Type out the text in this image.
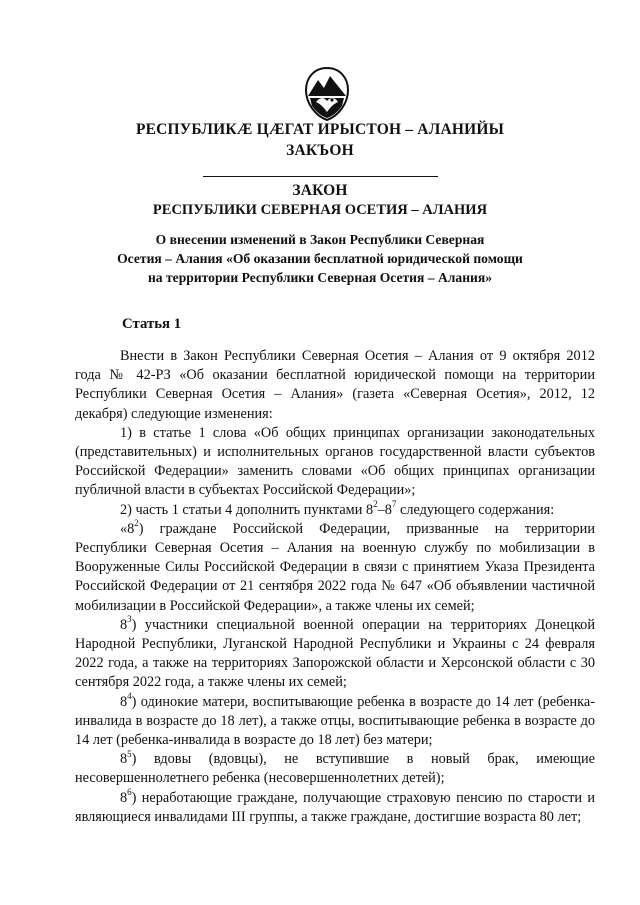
РЕСПУБЛИКӔ ЦӔГАТ ИРЫСТОН – АЛАНИЙЫ
ЗАКЪОН
ЗАКОН
РЕСПУБЛИКИ СЕВЕРНАЯ ОСЕТИЯ – АЛАНИЯ
О внесении изменений в Закон Республики Северная
Осетия – Алания «Об оказании бесплатной юридической помощи
на территории Республики Северная Осетия – Алания»
Статья 1

Внести в Закон Республики Северная Осетия – Алания от 9 октября 2012 года № 42-РЗ «Об оказании бесплатной юридической помощи на территории Республики Северная Осетия – Алания» (газета «Северная Осетия», 2012, 12 декабря) следующие изменения:

1) в статье 1 слова «Об общих принципах организации законодательных (представительных) и исполнительных органов государственной власти субъектов Российской Федерации» заменить словами «Об общих принципах организации публичной власти в субъектах Российской Федерации»;

2) часть 1 статьи 4 дополнить пунктами $8^2-8^7$ следующего содержания:

«$8^2$) граждане Российской Федерации, призванные на территории Республики Северная Осетия – Алания на военную службу по мобилизации в Вооруженные Силы Российской Федерации в связи с принятием Указа Президента Российской Федерации от 21 сентября 2022 года № 647 «Об объявлении частичной мобилизации в Российской Федерации», а также члены их семей;

$8^3$) участники специальной военной операции на территориях Донецкой Народной Республики, Луганской Народной Республики и Украины с 24 февраля 2022 года, а также на территориях Запорожской области и Херсонской области с 30 сентября 2022 года, а также члены их семей;

$8^4$) одинокие матери, воспитывающие ребенка в возрасте до 14 лет (ребенка-инвалида в возрасте до 18 лет), а также отцы, воспитывающие ребенка в возрасте до 14 лет (ребенка-инвалида в возрасте до 18 лет) без матери;

$8^5$) вдовы (вдовцы), не вступившие в новый брак, имеющие несовершеннолетнего ребенка (несовершеннолетних детей);

$8^6$) неработающие граждане, получающие страховую пенсию по старости и являющиеся инвалидами III группы, а также граждане, достигшие возраста 80 лет;
